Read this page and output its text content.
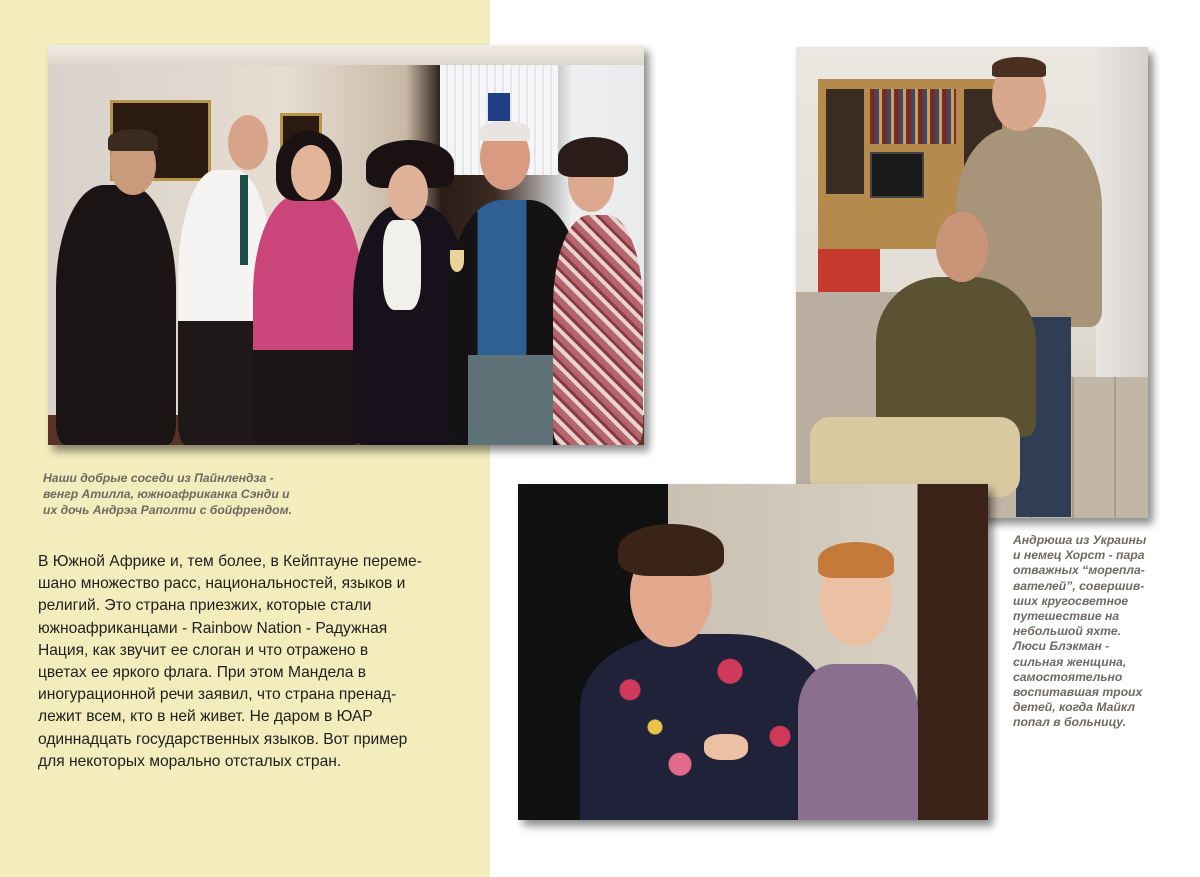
Наши добрые соседи из Пайнлендза -
венгр Атилла, южноафриканка Сэнди и
их дочь Андрэа Раполти с бойфрендом.
В Южной Африке и, тем более, в Кейптауне переме-
шано множество расс, национальностей, языков и
религий. Это страна приезжих, которые стали
южноафриканцами - Rainbow Nation - Радужная
Нация, как звучит ее слоган и что отражено в
цветах ее яркого флага. При этом Мандела в
иногурационной речи заявил, что страна пренад-
лежит всем, кто в ней живет. Не даром в ЮАР
одиннадцать государственных языков. Вот пример
для некоторых морально отсталых стран.
Андрюша из Украины
и немец Хорст - пара
отважных “морепла-
вателей”, совершив-
ших кругосветное
путешествие на
небольшой яхте.
Люси Блэкман -
сильная женщина,
самостоятельно
воспитавшая троих
детей, когда Майкл
попал в больницу.
